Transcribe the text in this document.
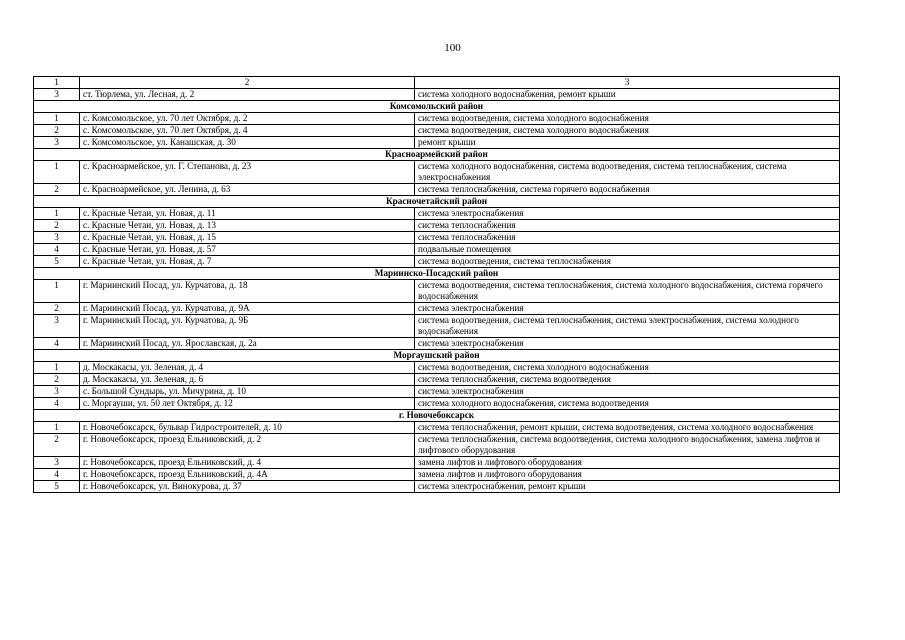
100
1	2	3
3	ст. Тюрлема, ул. Лесная, д. 2	система холодного водоснабжения, ремонт крыши
Комсомольский район		
1	с. Комсомольское, ул. 70 лет Октября, д. 2	система водоотведения, система холодного водоснабжения
2	с. Комсомольское, ул. 70 лет Октября, д. 4	система водоотведения, система холодного водоснабжения
3	с. Комсомольское, ул. Канашская, д. 30	ремонт крыши
Красноармейский район		
1	с. Красноармейское, ул. Г. Степанова, д. 23	система холодного водоснабжения, система водоотведения, система теплоснабжения, система электроснабжения
2	с. Красноармейское, ул. Ленина, д. 63	система теплоснабжения, система горячего водоснабжения
Красночетайский район		
1	с. Красные Четаи, ул. Новая, д. 11	система электроснабжения
2	с. Красные Четаи, ул. Новая, д. 13	система теплоснабжения
3	с. Красные Четаи, ул. Новая, д. 15	система теплоснабжения
4	с. Красные Четаи, ул. Новая, д. 57	подвальные помещения
5	с. Красные Четаи, ул. Новая, д. 7	система водоотведения, система теплоснабжения
Мариинско-Посадский район		
1	г. Мариинский Посад, ул. Курчатова, д. 18	система водоотведения, система теплоснабжения, система холодного водоснабжения, система горячего водоснабжения
2	г. Мариинский Посад, ул. Курчатова, д. 9А	система электроснабжения
3	г. Мариинский Посад, ул. Курчатова, д. 9Б	система водоотведения, система теплоснабжения, система электроснабжения, система холодного водоснабжения
4	г. Мариинский Посад, ул. Ярославская, д. 2а	система электроснабжения
Моргаушский район		
1	д. Москакасы, ул. Зеленая, д. 4	система водоотведения, система холодного водоснабжения
2	д. Москакасы, ул. Зеленая, д. 6	система теплоснабжения, система водоотведения
3	с. Большой Сундырь, ул. Мичурина, д. 10	система электроснабжения
4	с. Моргауши, ул. 50 лет Октября, д. 12	система холодного водоснабжения, система водоотведения
г. Новочебоксарск		
1	г. Новочебоксарск, бульвар Гидростроителей, д. 10	система теплоснабжения, ремонт крыши, система водоотведения, система холодного водоснабжения
2	г. Новочебоксарск, проезд Ельниковский, д. 2	система теплоснабжения, система водоотведения, система холодного водоснабжения, замена лифтов и лифтового оборудования
3	г. Новочебоксарск, проезд Ельниковский, д. 4	замена лифтов и лифтового оборудования
4	г. Новочебоксарск, проезд Ельниковский, д. 4А	замена лифтов и лифтового оборудования
5	г. Новочебоксарск, ул. Винокурова, д. 37	система электроснабжения, ремонт крыши
